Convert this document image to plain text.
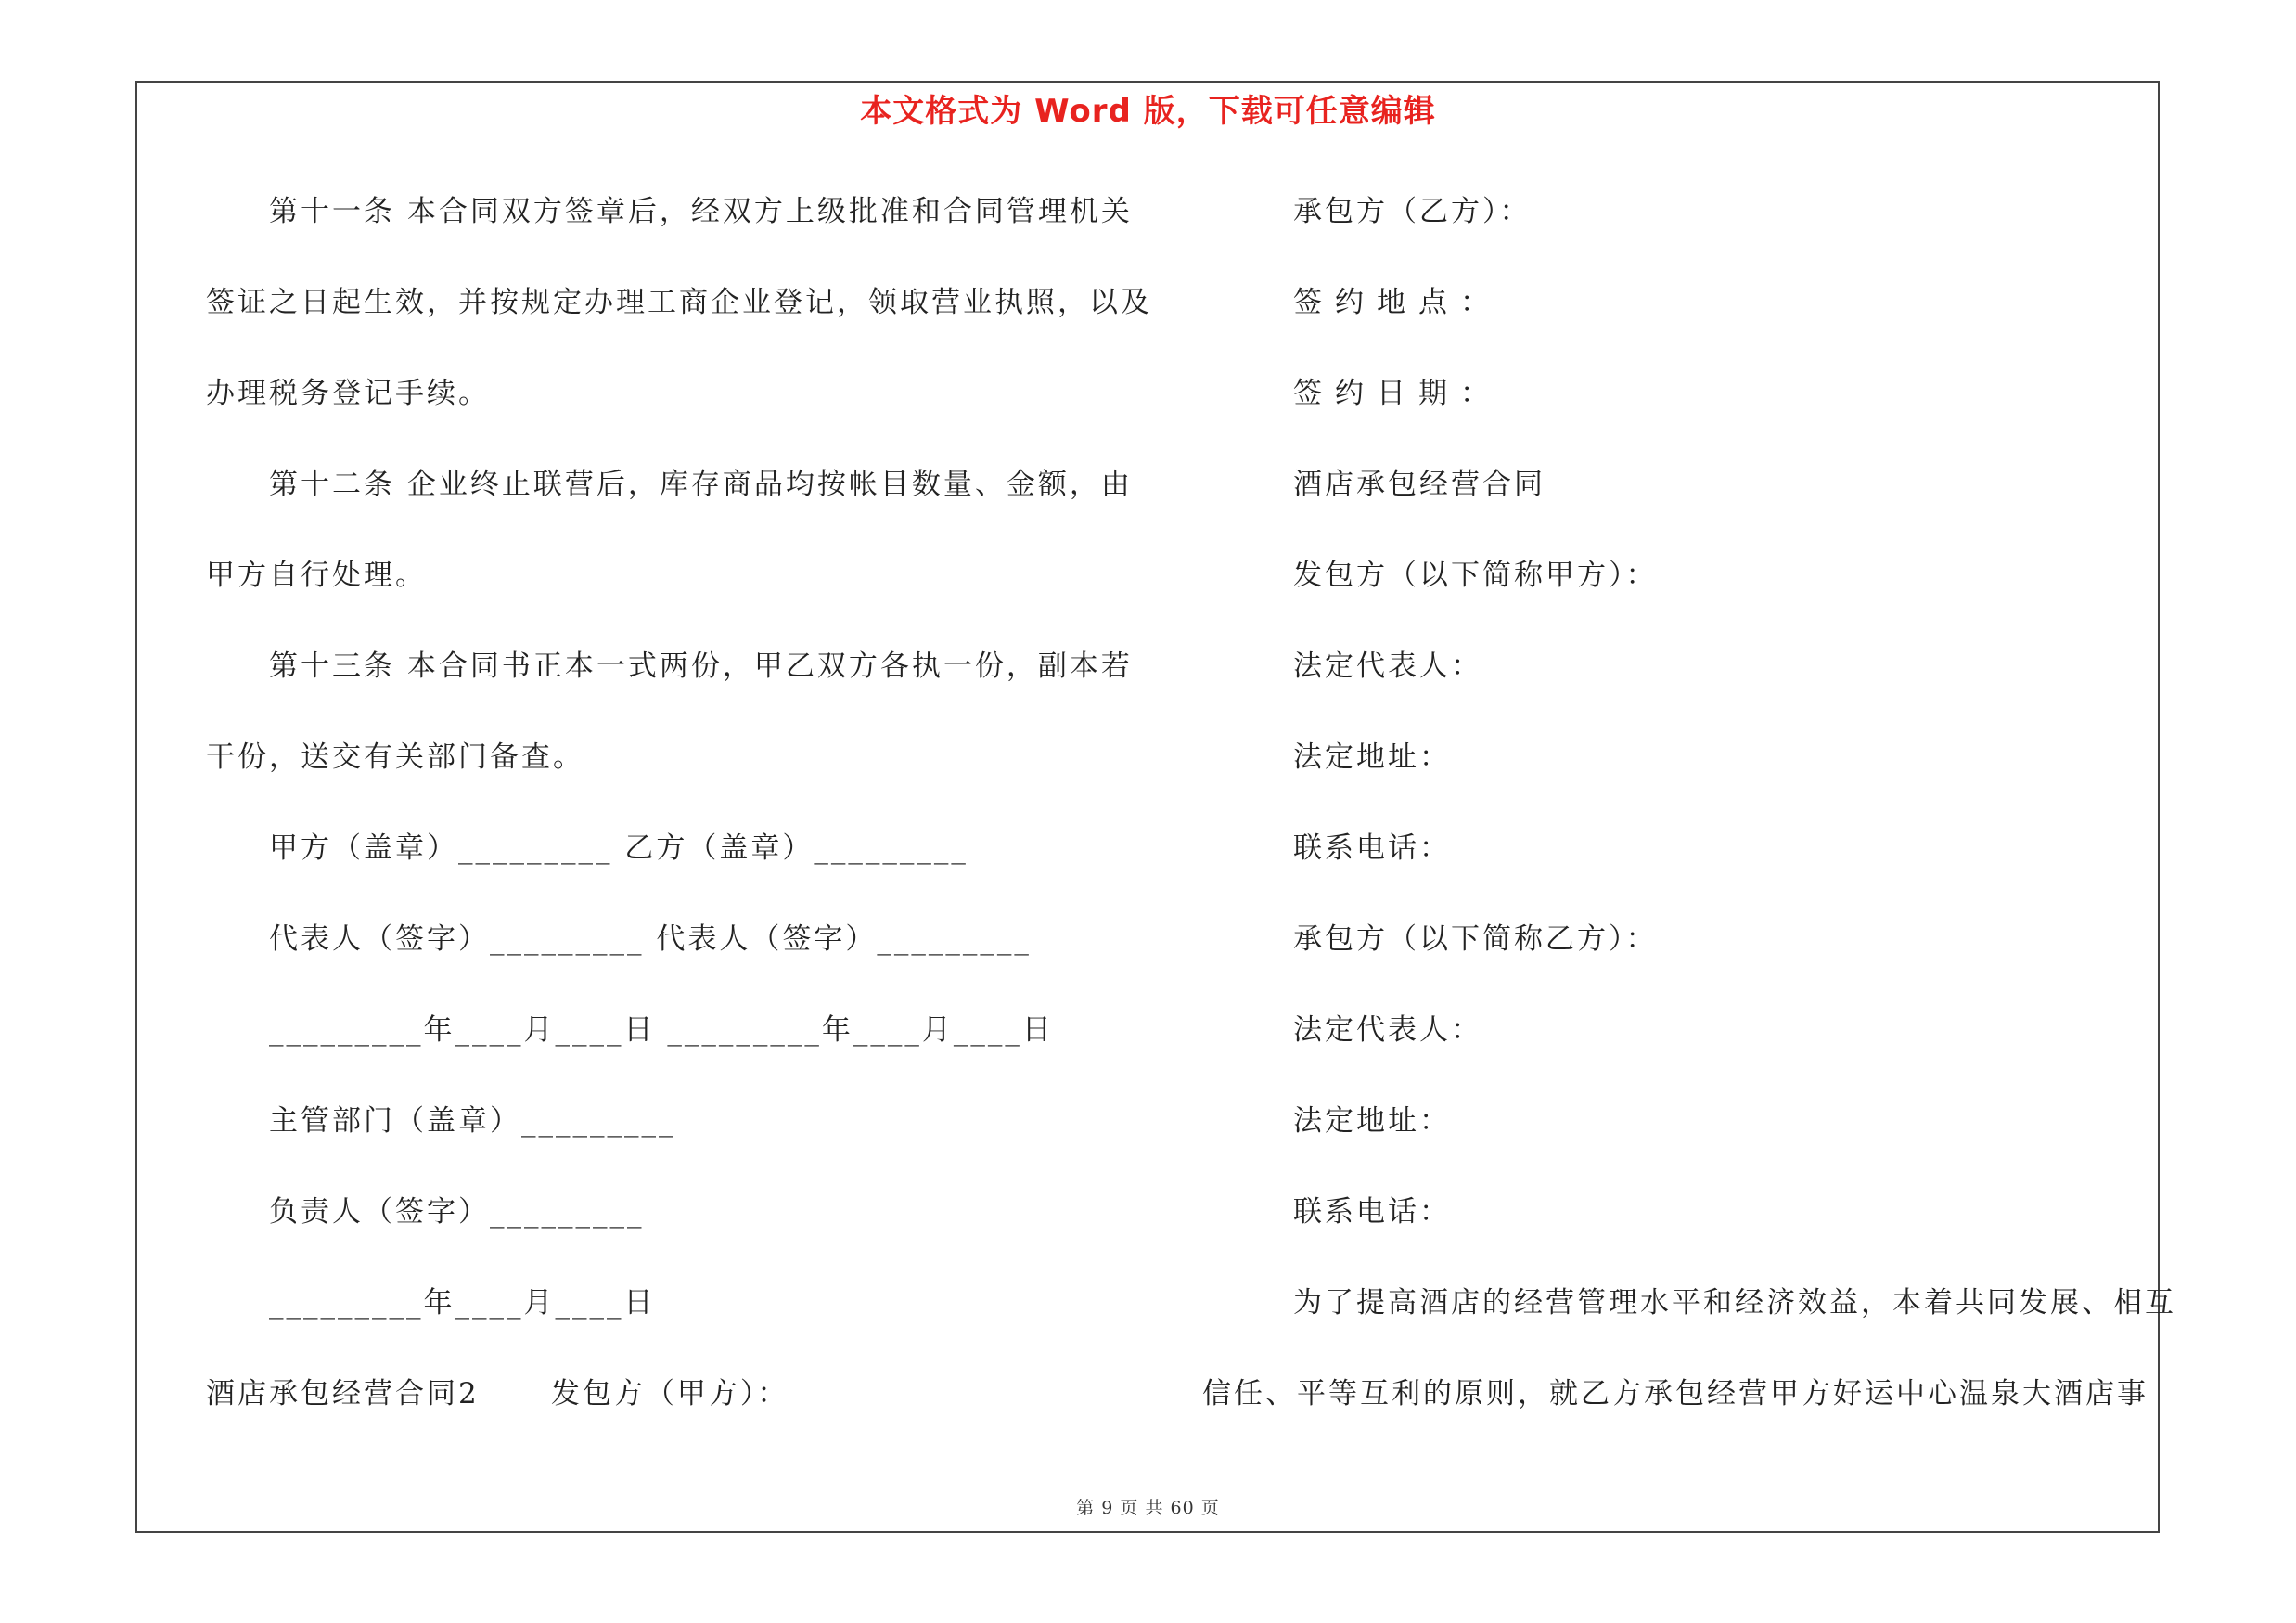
本文格式为 Word 版，下载可任意编辑
第十一条 本合同双方签章后，经双方上级批准和合同管理机关
签证之日起生效，并按规定办理工商企业登记，领取营业执照，以及
办理税务登记手续。
第十二条 企业终止联营后，库存商品均按帐目数量、金额，由
甲方自行处理。
第十三条 本合同书正本一式两份，甲乙双方各执一份，副本若
干份，送交有关部门备查。
甲方（盖章）_________ 乙方（盖章）_________
代表人（签字）_________ 代表人（签字）_________
_________年____月____日 _________年____月____日
主管部门（盖章）_________
负责人（签字）_________
_________年____月____日
酒店承包经营合同2      发包方（甲方）：
承包方（乙方）：
签约地点：
签约日期：
酒店承包经营合同
发包方（以下简称甲方）：
法定代表人：
法定地址：
联系电话：
承包方（以下简称乙方）：
法定代表人：
法定地址：
联系电话：
为了提高酒店的经营管理水平和经济效益，本着共同发展、相互
信任、平等互利的原则，就乙方承包经营甲方好运中心温泉大酒店事
第 9 页 共 60 页
